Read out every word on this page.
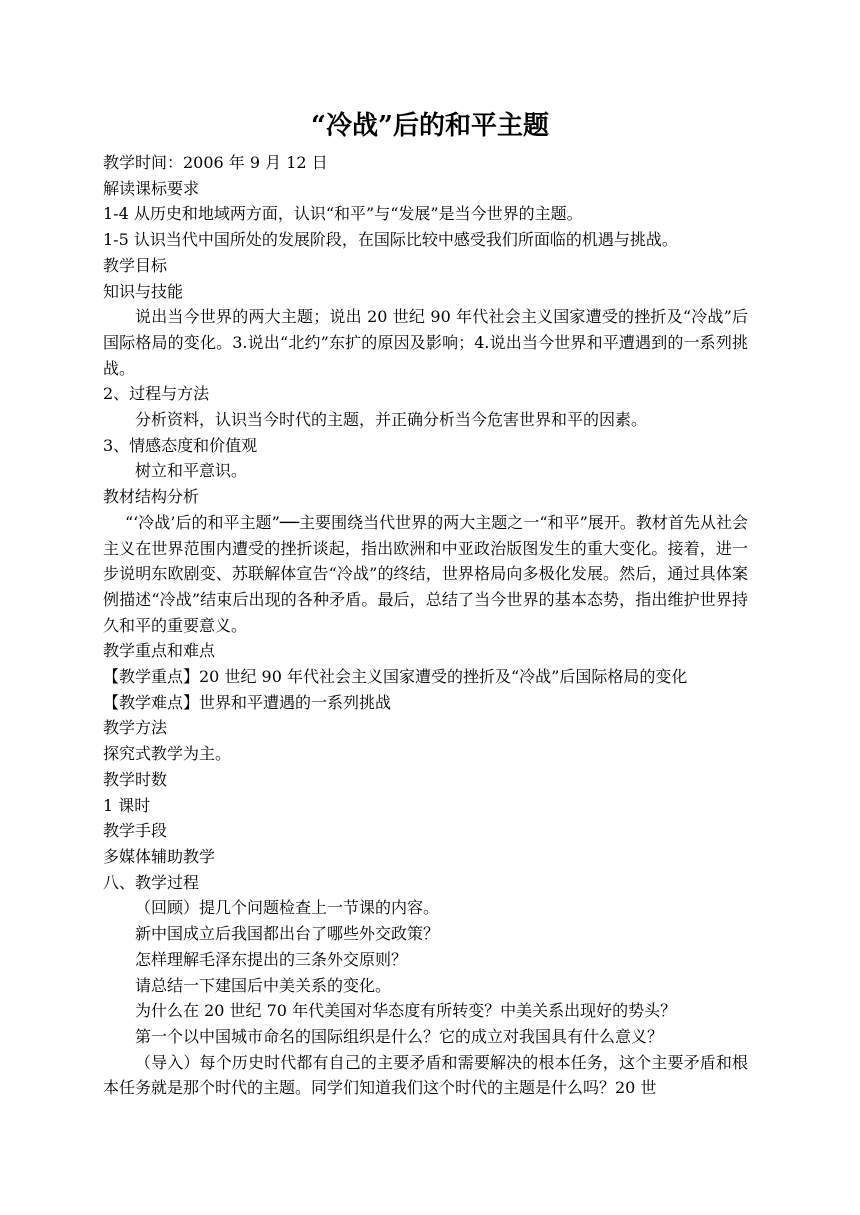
“冷战”后的和平主题

教学时间：2006 年 9 月 12 日

解读课标要求

1-4 从历史和地域两方面，认识“和平”与“发展”是当今世界的主题。

1-5 认识当代中国所处的发展阶段，在国际比较中感受我们所面临的机遇与挑战。

教学目标

知识与技能

说出当今世界的两大主题；说出 20 世纪 90 年代社会主义国家遭受的挫折及“冷战”后国际格局的变化。3.说出“北约”东扩的原因及影响；4.说出当今世界和平遭遇到的一系列挑战。

2、过程与方法

分析资料，认识当今时代的主题，并正确分析当今危害世界和平的因素。

3、情感态度和价值观

树立和平意识。

教材结构分析

“‘冷战’后的和平主题”──主要围绕当代世界的两大主题之一“和平”展开。教材首先从社会主义在世界范围内遭受的挫折谈起，指出欧洲和中亚政治版图发生的重大变化。接着，进一步说明东欧剧变、苏联解体宣告“冷战”的终结，世界格局向多极化发展。然后，通过具体案例描述“冷战”结束后出现的各种矛盾。最后，总结了当今世界的基本态势，指出维护世界持久和平的重要意义。

教学重点和难点

【教学重点】20 世纪 90 年代社会主义国家遭受的挫折及“冷战”后国际格局的变化

【教学难点】世界和平遭遇的一系列挑战

教学方法

探究式教学为主。

教学时数

1 课时

教学手段

多媒体辅助教学

八、教学过程

（回顾）提几个问题检查上一节课的内容。

新中国成立后我国都出台了哪些外交政策？

怎样理解毛泽东提出的三条外交原则？

请总结一下建国后中美关系的变化。

为什么在 20 世纪 70 年代美国对华态度有所转变？中美关系出现好的势头？

第一个以中国城市命名的国际组织是什么？它的成立对我国具有什么意义？

（导入）每个历史时代都有自己的主要矛盾和需要解决的根本任务，这个主要矛盾和根本任务就是那个时代的主题。同学们知道我们这个时代的主题是什么吗？20 世
